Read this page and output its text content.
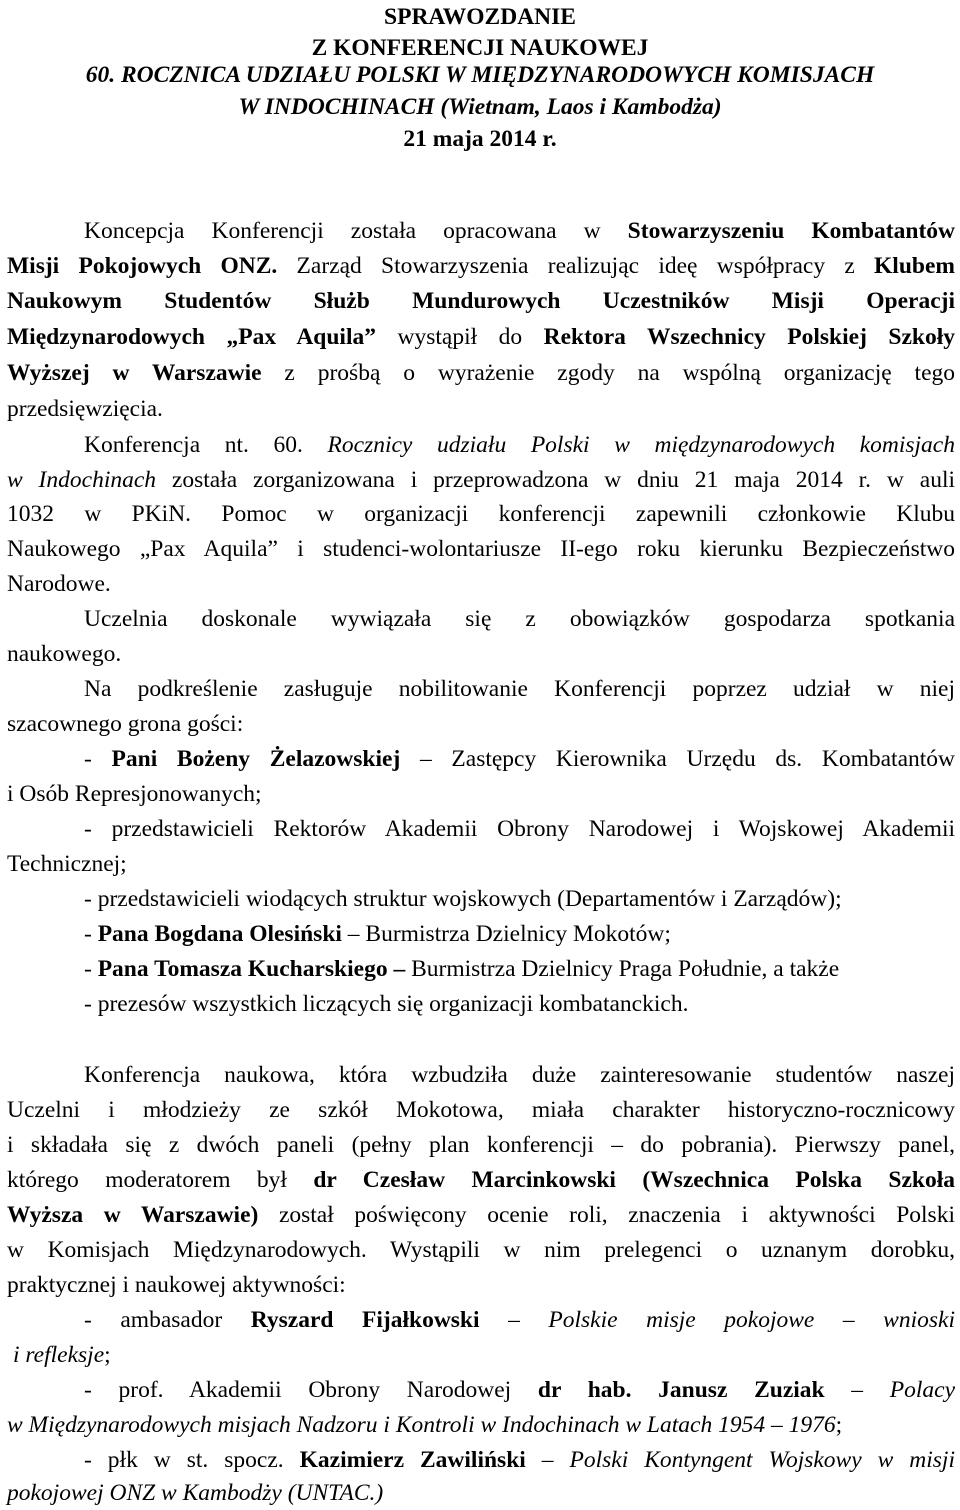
SPRAWOZDANIE
Z KONFERENCJI NAUKOWEJ
60. ROCZNICA UDZIAŁU POLSKI W MIĘDZYNARODOWYCH KOMISJACH
W INDOCHINACH (Wietnam, Laos i Kambodża)
21 maja 2014 r.
Koncepcja Konferencji została opracowana w Stowarzyszeniu Kombatantów
Misji Pokojowych ONZ. Zarząd Stowarzyszenia realizując ideę współpracy z Klubem
Naukowym Studentów Służb Mundurowych Uczestników Misji Operacji
Międzynarodowych „Pax Aquila” wystąpił do Rektora Wszechnicy Polskiej Szkoły
Wyższej w Warszawie z prośbą o wyrażenie zgody na wspólną organizację tego
przedsięwzięcia.
Konferencja nt. 60. Rocznicy udziału Polski w międzynarodowych komisjach
w Indochinach została zorganizowana i przeprowadzona w dniu 21 maja 2014 r. w auli
1032 w PKiN. Pomoc w organizacji konferencji zapewnili członkowie Klubu
Naukowego „Pax Aquila” i studenci-wolontariusze II-ego roku kierunku Bezpieczeństwo
Narodowe.
Uczelnia doskonale wywiązała się z obowiązków gospodarza spotkania
naukowego.
Na podkreślenie zasługuje nobilitowanie Konferencji poprzez udział w niej
szacownego grona gości:
- Pani Bożeny Żelazowskiej – Zastępcy Kierownika Urzędu ds. Kombatantów
i Osób Represjonowanych;
- przedstawicieli Rektorów Akademii Obrony Narodowej i Wojskowej Akademii
Technicznej;
- przedstawicieli wiodących struktur wojskowych (Departamentów i Zarządów);
- Pana Bogdana Olesiński – Burmistrza Dzielnicy Mokotów;
- Pana Tomasza Kucharskiego – Burmistrza Dzielnicy Praga Południe, a także
- prezesów wszystkich liczących się organizacji kombatanckich.
Konferencja naukowa, która wzbudziła duże zainteresowanie studentów naszej
Uczelni i młodzieży ze szkół Mokotowa, miała charakter historyczno-rocznicowy
i składała się z dwóch paneli (pełny plan konferencji – do pobrania). Pierwszy panel,
którego moderatorem był dr Czesław Marcinkowski (Wszechnica Polska Szkoła
Wyższa w Warszawie) został poświęcony ocenie roli, znaczenia i aktywności Polski
w Komisjach Międzynarodowych. Wystąpili w nim prelegenci o uznanym dorobku,
praktycznej i naukowej aktywności:
- ambasador Ryszard Fijałkowski – Polskie misje pokojowe – wnioski
i refleksje;
- prof. Akademii Obrony Narodowej dr hab. Janusz Zuziak – Polacy
w Międzynarodowych misjach Nadzoru i Kontroli w Indochinach w Latach 1954 – 1976;
- płk w st. spocz. Kazimierz Zawiliński – Polski Kontyngent Wojskowy w misji
pokojowej ONZ w Kambodży (UNTAC.)
